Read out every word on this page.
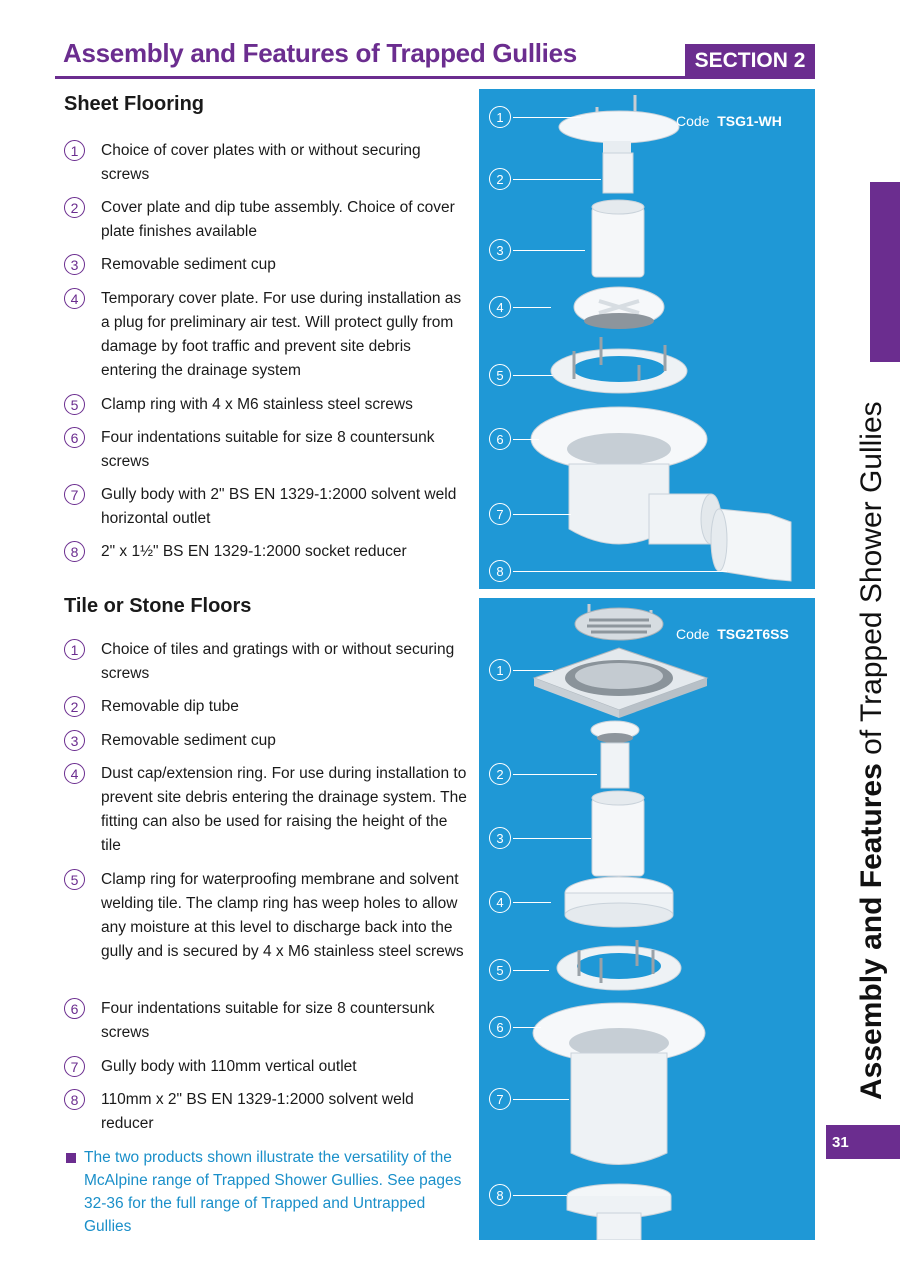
Assembly and Features of Trapped Gullies	SECTION 2
Assembly and Features of Trapped Shower Gullies
31
Sheet Flooring
1	Choice of cover plates with or without securing screws
2	Cover plate and dip tube assembly. Choice of cover plate finishes available
3	Removable sediment cup
4	Temporary cover plate. For use during installation as a plug for preliminary air test. Will protect gully from damage by foot traffic and prevent site debris entering the drainage system
5	Clamp ring with 4 x M6 stainless steel screws
6	Four indentations suitable for size 8 countersunk screws
7	Gully body with 2" BS EN 1329-1:2000 solvent weld horizontal outlet
8	2" x 1½" BS EN 1329-1:2000 socket reducer
Tile or Stone Floors
1	Choice of tiles and gratings with or without securing screws
2	Removable dip tube
3	Removable sediment cup
4	Dust cap/extension ring. For use during installation to prevent site debris entering the drainage system. The fitting can also be used for raising the height of the tile
5	Clamp ring for waterproofing membrane and solvent welding tile. The clamp ring has weep holes to allow any moisture at this level to discharge back into the gully and is secured by 4 x M6 stainless steel screws
6	Four indentations suitable for size 8 countersunk screws
7	Gully body with 110mm vertical outlet
8	110mm x 2" BS EN 1329-1:2000 solvent weld reducer
The two products shown illustrate the versatility of the McAlpine range of Trapped Shower Gullies. See pages 32-36 for the full range of Trapped and Untrapped Gullies
Code TSG1-WH
1
2
3
4
5
6
7
8
Code TSG2T6SS
1
2
3
4
5
6
7
8
